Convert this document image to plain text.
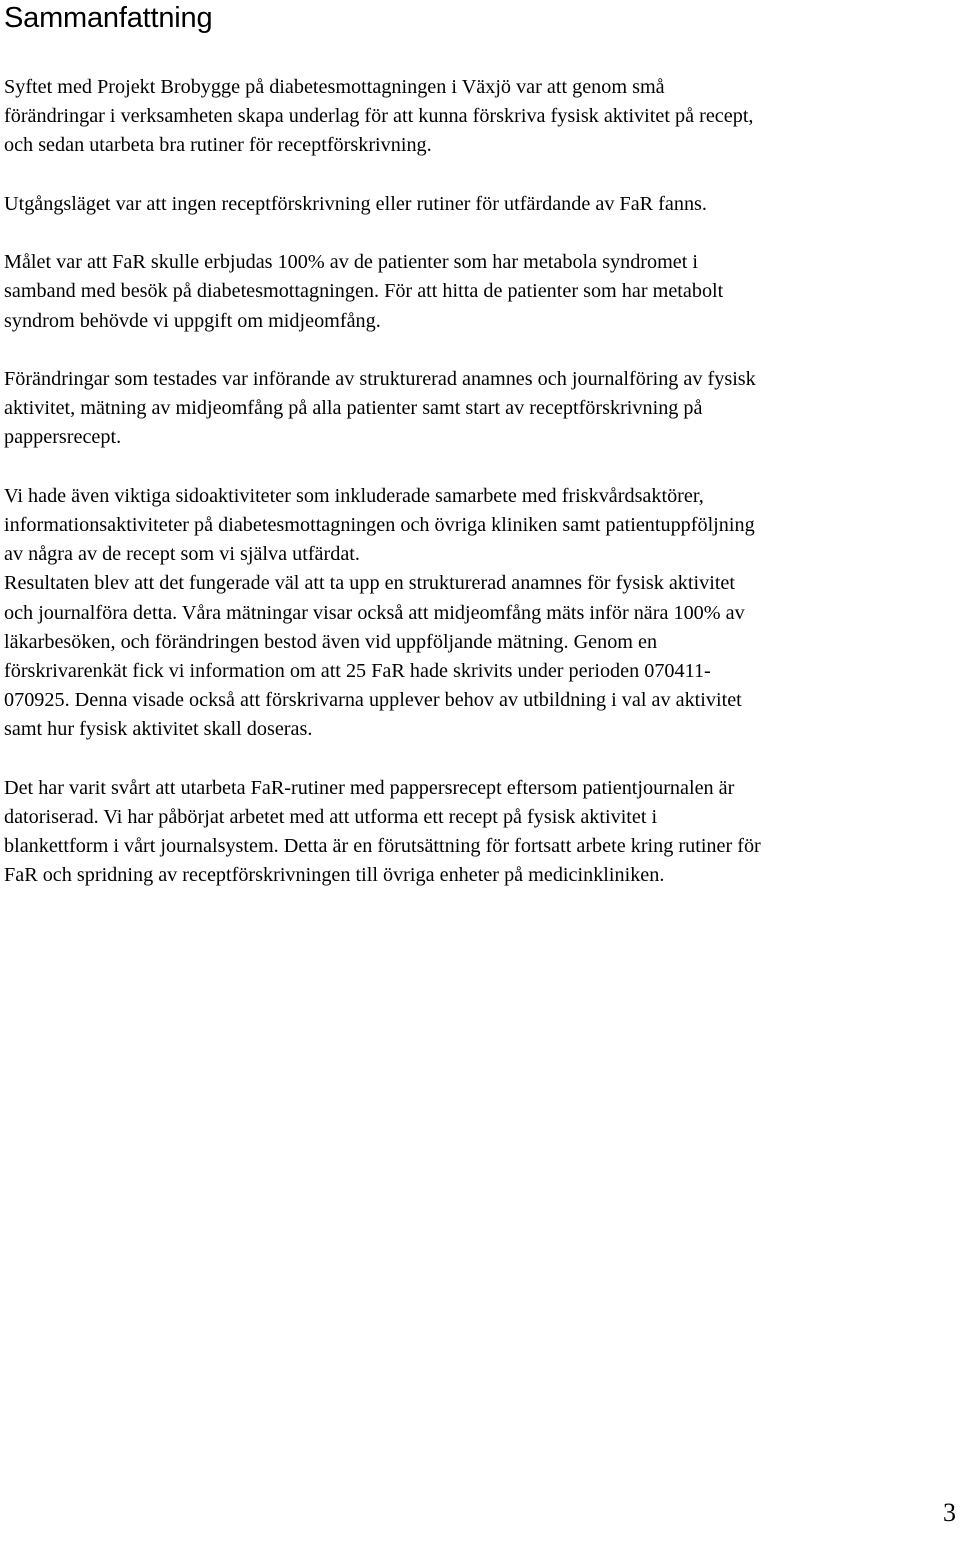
Sammanfattning

Syftet med Projekt Brobygge på diabetesmottagningen i Växjö var att genom små
förändringar i verksamheten skapa underlag för att kunna förskriva fysisk aktivitet på recept,
och sedan utarbeta bra rutiner för receptförskrivning.

Utgångsläget var att ingen receptförskrivning eller rutiner för utfärdande av FaR fanns.

Målet var att FaR skulle erbjudas 100% av de patienter som har metabola syndromet i
samband med besök på diabetesmottagningen. För att hitta de patienter som har metabolt
syndrom behövde vi uppgift om midjeomfång.

Förändringar som testades var införande av strukturerad anamnes och journalföring av fysisk
aktivitet, mätning av midjeomfång på alla patienter samt start av receptförskrivning på
pappersrecept.

Vi hade även viktiga sidoaktiviteter som inkluderade samarbete med friskvårdsaktörer,
informationsaktiviteter på diabetesmottagningen och övriga kliniken samt patientuppföljning
av några av de recept som vi själva utfärdat.

Resultaten blev att det fungerade väl att ta upp en strukturerad anamnes för fysisk aktivitet
och journalföra detta. Våra mätningar visar också att midjeomfång mäts inför nära 100% av
läkarbesöken, och förändringen bestod även vid uppföljande mätning. Genom en
förskrivarenkät fick vi information om att 25 FaR hade skrivits under perioden 070411-
070925. Denna visade också att förskrivarna upplever behov av utbildning i val av aktivitet
samt hur fysisk aktivitet skall doseras.

Det har varit svårt att utarbeta FaR-rutiner med pappersrecept eftersom patientjournalen är
datoriserad. Vi har påbörjat arbetet med att utforma ett recept på fysisk aktivitet i
blankettform i vårt journalsystem. Detta är en förutsättning för fortsatt arbete kring rutiner för
FaR och spridning av receptförskrivningen till övriga enheter på medicinkliniken.

3
